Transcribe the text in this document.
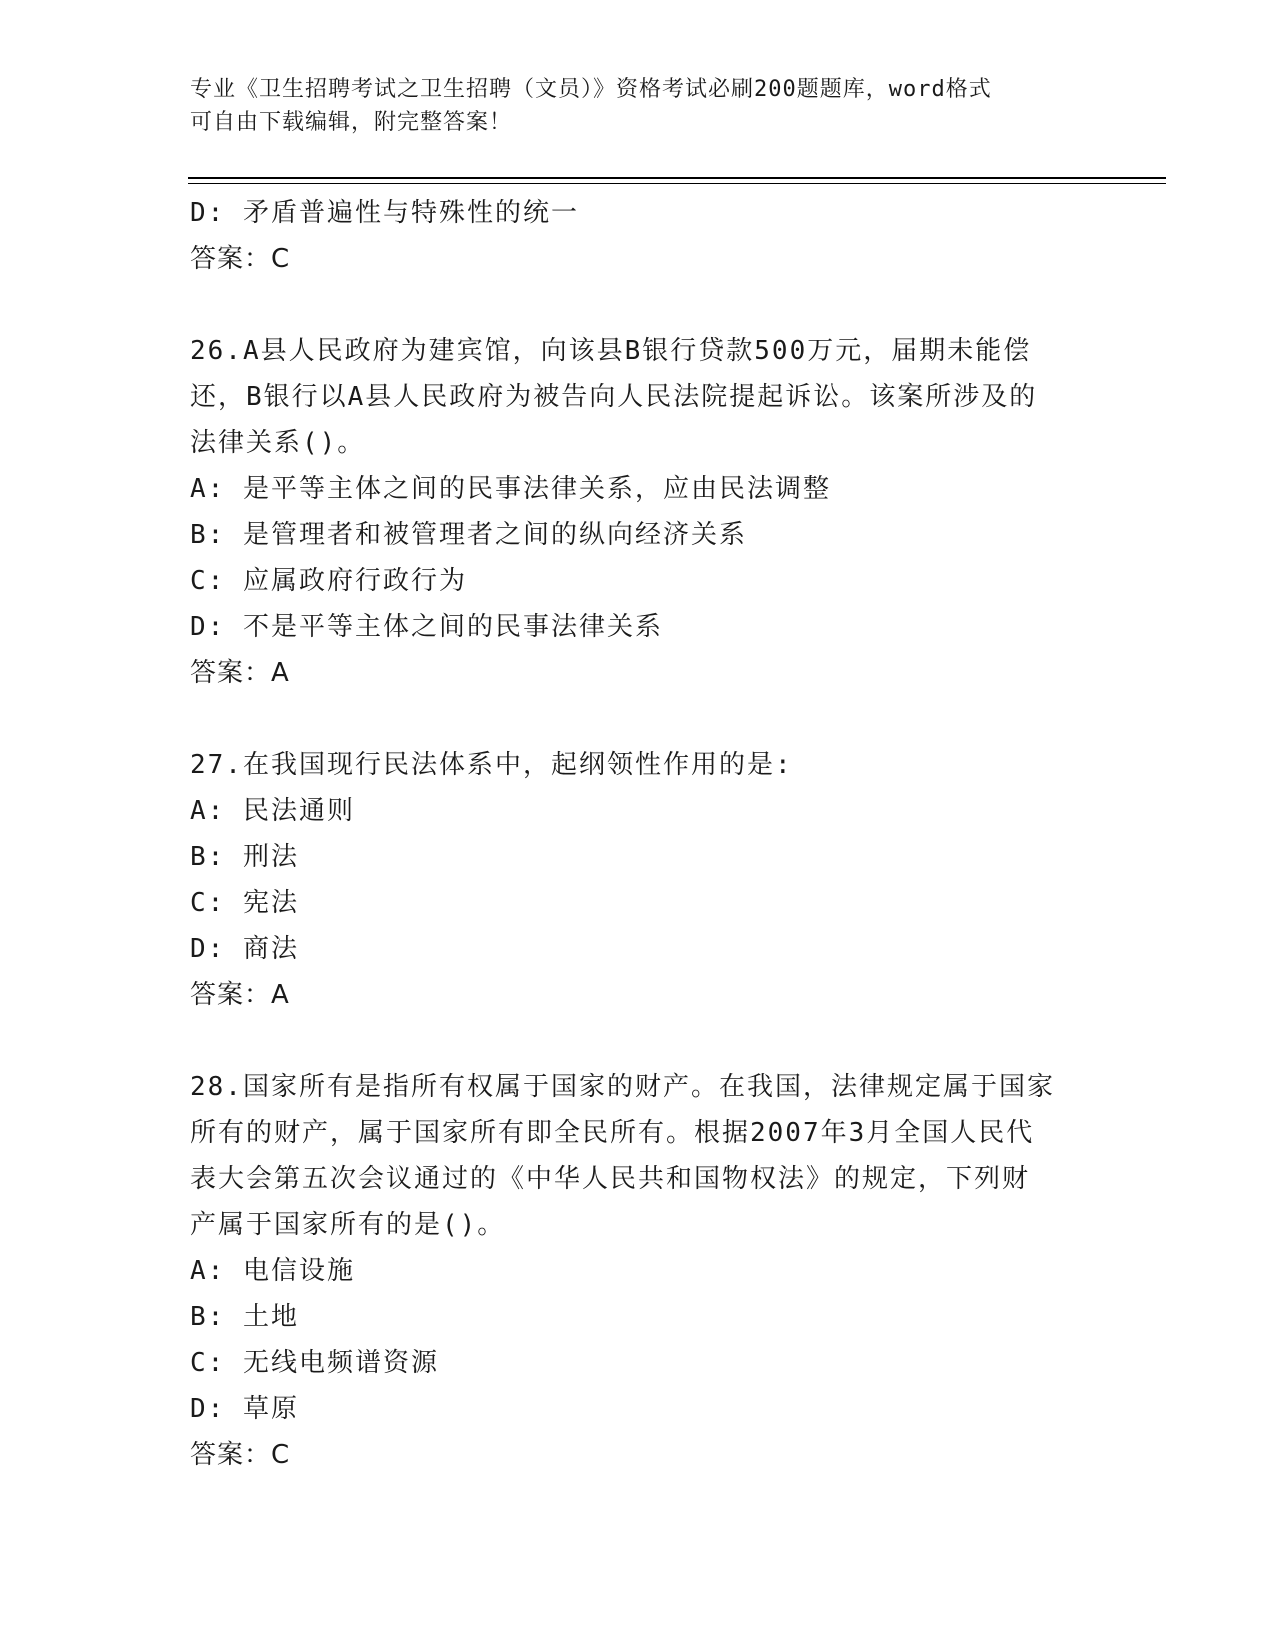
专业《卫生招聘考试之卫生招聘（文员）》资格考试必刷200题题库，word格式
可自由下载编辑，附完整答案！
D: 矛盾普遍性与特殊性的统一
答案：C
26.A县人民政府为建宾馆，向该县B银行贷款500万元，届期未能偿
还，B银行以A县人民政府为被告向人民法院提起诉讼。该案所涉及的
法律关系()。
A: 是平等主体之间的民事法律关系，应由民法调整
B: 是管理者和被管理者之间的纵向经济关系
C: 应属政府行政行为
D: 不是平等主体之间的民事法律关系
答案：A
27.在我国现行民法体系中，起纲领性作用的是:
A: 民法通则
B: 刑法
C: 宪法
D: 商法
答案：A
28.国家所有是指所有权属于国家的财产。在我国，法律规定属于国家
所有的财产，属于国家所有即全民所有。根据2007年3月全国人民代
表大会第五次会议通过的《中华人民共和国物权法》的规定，下列财
产属于国家所有的是()。
A: 电信设施
B: 土地
C: 无线电频谱资源
D: 草原
答案：C
